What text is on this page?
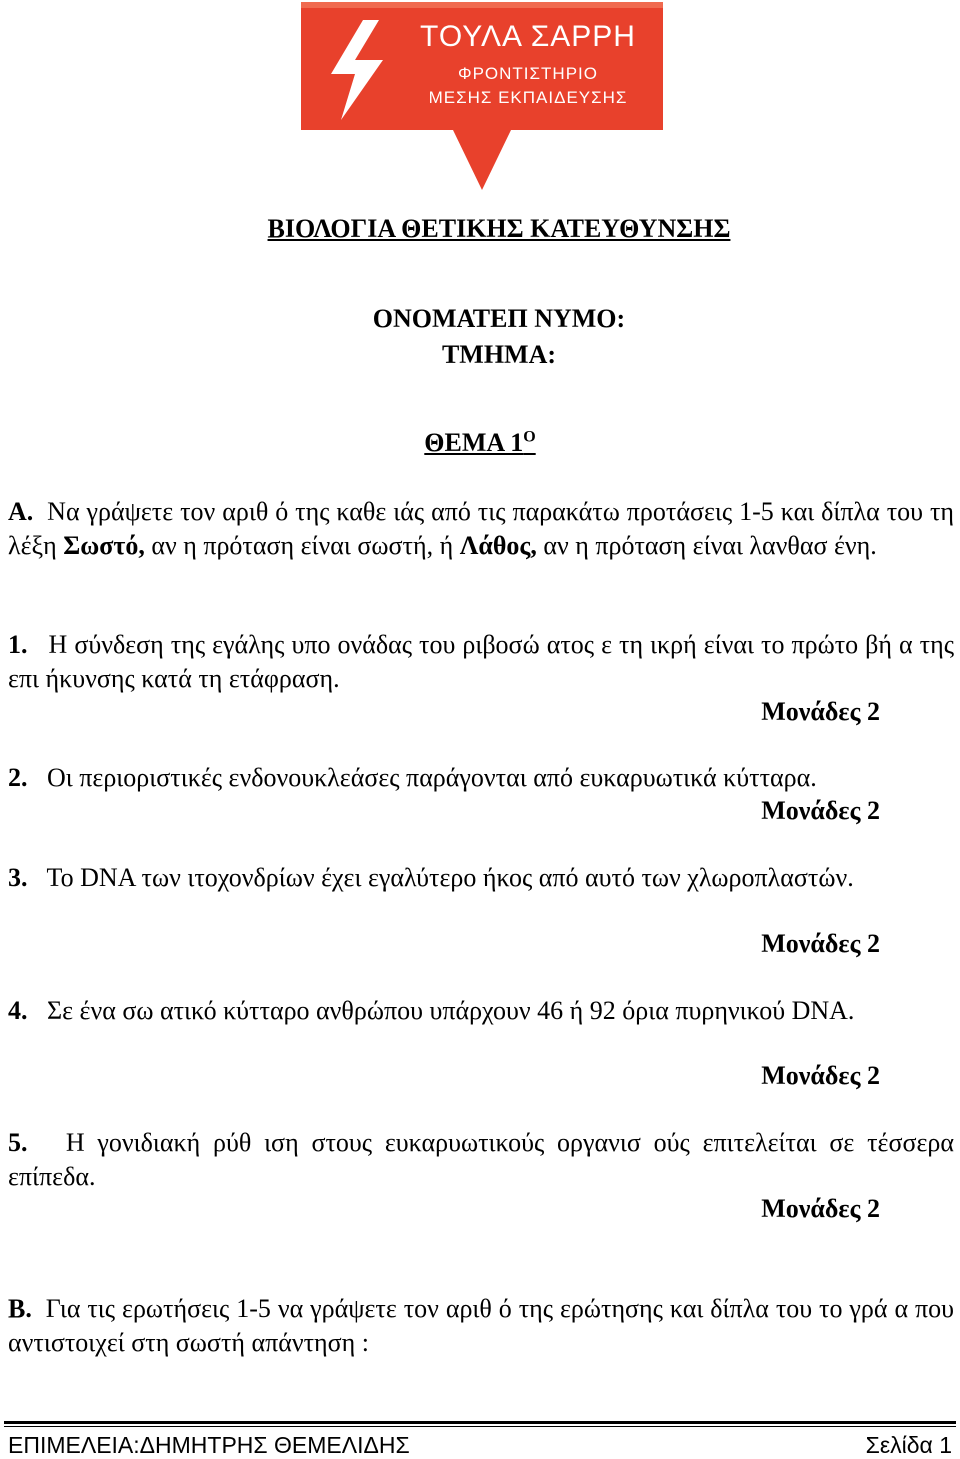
ΤΟΥΛΑ ΣΑΡΡΗ
ΦΡΟΝΤΙΣΤΗΡΙΟ
ΜΕΣΗΣ ΕΚΠΑΙΔΕΥΣΗΣ
ΒΙΟΛΟΓΙΑ ΘΕΤΙΚΗΣ ΚΑΤΕΥΘΥΝΣΗΣ
ΟΝΟΜΑΤΕΠ ΝΥΜΟ:
ΤΜΗΜΑ:
ΘΕΜΑ $1^O$
Α. Να γράψετε τον αριθ ό της καθε ιάς από τις παρακάτω προτάσεις 1-5 και δίπλα του τη λέξη Σωστό, αν η πρόταση είναι σωστή, ή Λάθος, αν η πρόταση είναι λανθασ ένη.
1. Η σύνδεση της εγάλης υπο ονάδας του ριβοσώ ατος ε τη ικρή είναι το πρώτο βή α της επι ήκυνσης κατά τη ετάφραση.
Μονάδες 2
2. Οι περιοριστικές ενδονουκλεάσες παράγονται από ευκαρυωτικά κύτταρα.
Μονάδες 2
3. Το DNA των ιτοχονδρίων έχει εγαλύτερο ήκος από αυτό των χλωροπλαστών.
Μονάδες 2
4. Σε ένα σω ατικό κύτταρο ανθρώπου υπάρχουν 46 ή 92 όρια πυρηνικού DNA.
Μονάδες 2
5. Η γονιδιακή ρύθ ιση στους ευκαρυωτικούς οργανισ ούς επιτελείται σε τέσσερα επίπεδα.
Μονάδες 2
Β. Για τις ερωτήσεις 1-5 να γράψετε τον αριθ ό της ερώτησης και δίπλα του το γρά α που αντιστοιχεί στη σωστή απάντηση :
ΕΠΙΜΕΛΕΙΑ:ΔΗΜΗΤΡΗΣ ΘΕΜΕΛΙΔΗΣ	Σελίδα 1
